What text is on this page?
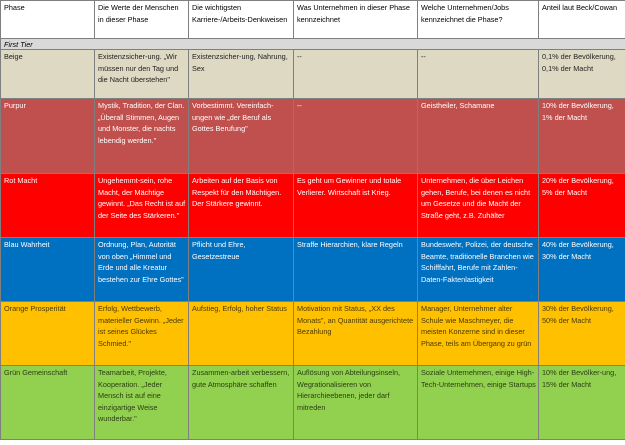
Phase	Die Werte der Menschen in dieser Phase	Die wichtigsten Karriere-/Arbeits-Denkweisen	Was Unternehmen in dieser Phase kennzeichnet	Welche Unternehmen/Jobs kennzeichnet die Phase?	Anteil laut Beck/Cowan
First Tier					
Beige	Existenzsicher-ung. „Wir müssen nur den Tag und die Nacht überstehen"	Existenzsicher-ung, Nahrung, Sex	--	--	0,1% der Bevölkerung, 0,1% der Macht
Purpur	Mystik, Tradition, der Clan. „Überall Stimmen, Augen und Monster, die nachts lebendig werden."	Vorbestimmt. Vereinfach-ungen wie „der Beruf als Gottes Berufung"	--	Geistheiler, Schamane	10% der Bevölkerung, 1% der Macht
Rot Macht	Ungehemmt-sein, rohe Macht, der Mächtige gewinnt. „Das Recht ist auf der Seite des Stärkeren."	Arbeiten auf der Basis von Respekt für den Mächtigen. Der Stärkere gewinnt.	Es geht um Gewinner und totale Verlierer. Wirtschaft ist Krieg.	Unternehmen, die über Leichen gehen, Berufe, bei denen es nicht um Gesetze und die Macht der Straße geht, z.B. Zuhälter	20% der Bevölkerung, 5% der Macht
Blau Wahrheit	Ordnung, Plan, Autorität von oben „Himmel und Erde und alle Kreatur bestehen zur Ehre Gottes"	Pflicht und Ehre, Gesetzestreue	Straffe Hierarchien, klare Regeln	Bundeswehr, Polizei, der deutsche Beamte, traditionelle Branchen wie Schifffahrt, Berufe mit Zahlen-Daten-Faktenlastigkeit	40% der Bevölkerung, 30% der Macht
Orange Prosperität	Erfolg, Wettbewerb, materieller Gewinn. „Jeder ist seines Glückes Schmied."	Aufstieg, Erfolg, hoher Status	Motivation mit Status, „XX des Monats", an Quantität ausgerichtete Bezahlung	Manager, Unternehmer alter Schule wie Maschmeyer, die meisten Konzerne sind in dieser Phase, teils am Übergang zu grün	30% der Bevölkerung, 50% der Macht
Grün Gemeinschaft	Teamarbeit, Projekte, Kooperation. „Jeder Mensch ist auf eine einzigartige Weise wunderbar."	Zusammen-arbeit verbessern, gute Atmosphäre schaffen	Auflösung von Abteilungsinseln, Wegrationalisieren von Hierarchieebenen, jeder darf mitreden	Soziale Unternehmen, einige High-Tech-Unternehmen, einige Startups	10% der Bevölker-ung, 15% der Macht
